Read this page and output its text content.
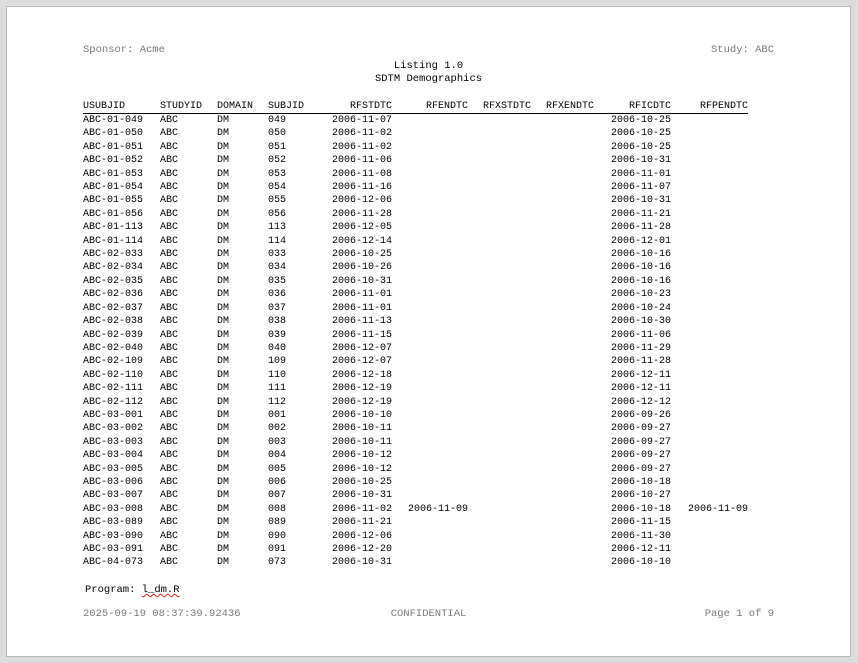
Sponsor: Acme	Study: ABC
Listing 1.0
SDTM Demographics
USUBJID	STUDYID	DOMAIN	SUBJID	RFSTDTC	RFENDTC	RFXSTDTC	RFXENDTC	RFICDTC	RFPENDTC
ABC-01-049	ABC	DM	049	2006-11-07				2006-10-25	
ABC-01-050	ABC	DM	050	2006-11-02				2006-10-25	
ABC-01-051	ABC	DM	051	2006-11-02				2006-10-25	
ABC-01-052	ABC	DM	052	2006-11-06				2006-10-31	
ABC-01-053	ABC	DM	053	2006-11-08				2006-11-01	
ABC-01-054	ABC	DM	054	2006-11-16				2006-11-07	
ABC-01-055	ABC	DM	055	2006-12-06				2006-10-31	
ABC-01-056	ABC	DM	056	2006-11-28				2006-11-21	
ABC-01-113	ABC	DM	113	2006-12-05				2006-11-28	
ABC-01-114	ABC	DM	114	2006-12-14				2006-12-01	
ABC-02-033	ABC	DM	033	2006-10-25				2006-10-16	
ABC-02-034	ABC	DM	034	2006-10-26				2006-10-16	
ABC-02-035	ABC	DM	035	2006-10-31				2006-10-16	
ABC-02-036	ABC	DM	036	2006-11-01				2006-10-23	
ABC-02-037	ABC	DM	037	2006-11-01				2006-10-24	
ABC-02-038	ABC	DM	038	2006-11-13				2006-10-30	
ABC-02-039	ABC	DM	039	2006-11-15				2006-11-06	
ABC-02-040	ABC	DM	040	2006-12-07				2006-11-29	
ABC-02-109	ABC	DM	109	2006-12-07				2006-11-28	
ABC-02-110	ABC	DM	110	2006-12-18				2006-12-11	
ABC-02-111	ABC	DM	111	2006-12-19				2006-12-11	
ABC-02-112	ABC	DM	112	2006-12-19				2006-12-12	
ABC-03-001	ABC	DM	001	2006-10-10				2006-09-26	
ABC-03-002	ABC	DM	002	2006-10-11				2006-09-27	
ABC-03-003	ABC	DM	003	2006-10-11				2006-09-27	
ABC-03-004	ABC	DM	004	2006-10-12				2006-09-27	
ABC-03-005	ABC	DM	005	2006-10-12				2006-09-27	
ABC-03-006	ABC	DM	006	2006-10-25				2006-10-18	
ABC-03-007	ABC	DM	007	2006-10-31				2006-10-27	
ABC-03-008	ABC	DM	008	2006-11-02	2006-11-09			2006-10-18	2006-11-09
ABC-03-089	ABC	DM	089	2006-11-21				2006-11-15	
ABC-03-090	ABC	DM	090	2006-12-06				2006-11-30	
ABC-03-091	ABC	DM	091	2006-12-20				2006-12-11	
ABC-04-073	ABC	DM	073	2006-10-31				2006-10-10	
Program: l_dm.R
2025-09-19 08:37:39.92436	CONFIDENTIAL	Page 1 of 9
